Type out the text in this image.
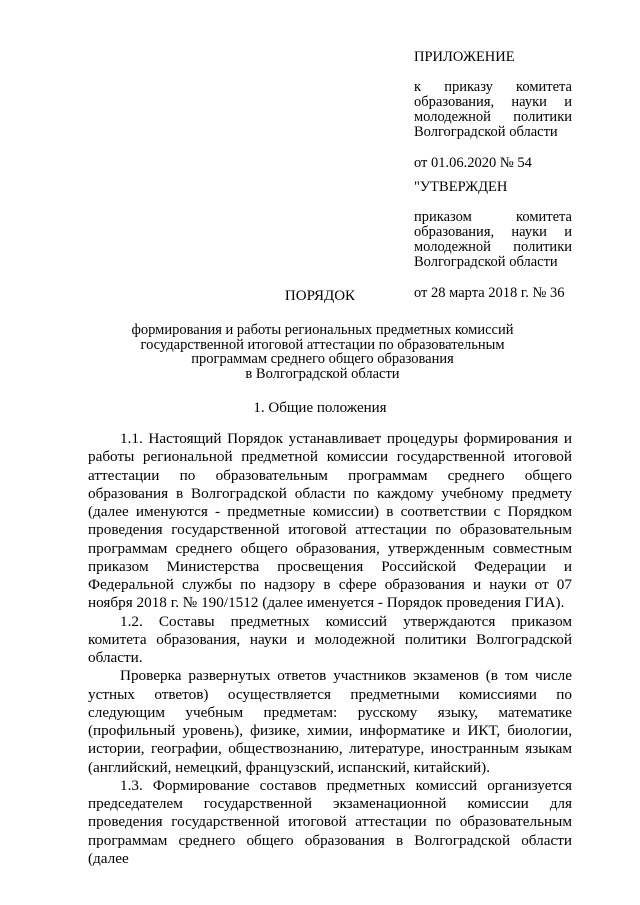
ПРИЛОЖЕНИЕ
к приказу комитета
образования, науки и
молодежной политики
Волгоградской области
от 01.06.2020 № 54
"УТВЕРЖДЕН
приказом комитета
образования, науки и
молодежной политики
Волгоградской области
от 28 марта 2018 г. № 36
ПОРЯДОК
формирования и работы региональных предметных комиссий
государственной итоговой аттестации по образовательным
программам среднего общего образования
в Волгоградской области
1. Общие положения

1.1. Настоящий Порядок устанавливает процедуры формирования и работы региональной предметной комиссии государственной итоговой аттестации по образовательным программам среднего общего образования в Волгоградской области по каждому учебному предмету (далее именуются - предметные комиссии) в соответствии с Порядком проведения государственной итоговой аттестации по образовательным программам среднего общего образования, утвержденным совместным приказом Министерства просвещения Российской Федерации и Федеральной службы по надзору в сфере образования и науки от 07 ноября 2018 г. № 190/1512 (далее именуется - Порядок проведения ГИА).

1.2. Составы предметных комиссий утверждаются приказом комитета образования, науки и молодежной политики Волгоградской области.

Проверка развернутых ответов участников экзаменов (в том числе устных ответов) осуществляется предметными комиссиями по следующим учебным предметам: русскому языку, математике (профильный уровень), физике, химии, информатике и ИКТ, биологии, истории, географии, обществознанию, литературе, иностранным языкам (английский, немецкий, французский, испанский, китайский).

1.3. Формирование составов предметных комиссий организуется председателем государственной экзаменационной комиссии для проведения государственной итоговой аттестации по образовательным программам среднего общего образования в Волгоградской области (далее
